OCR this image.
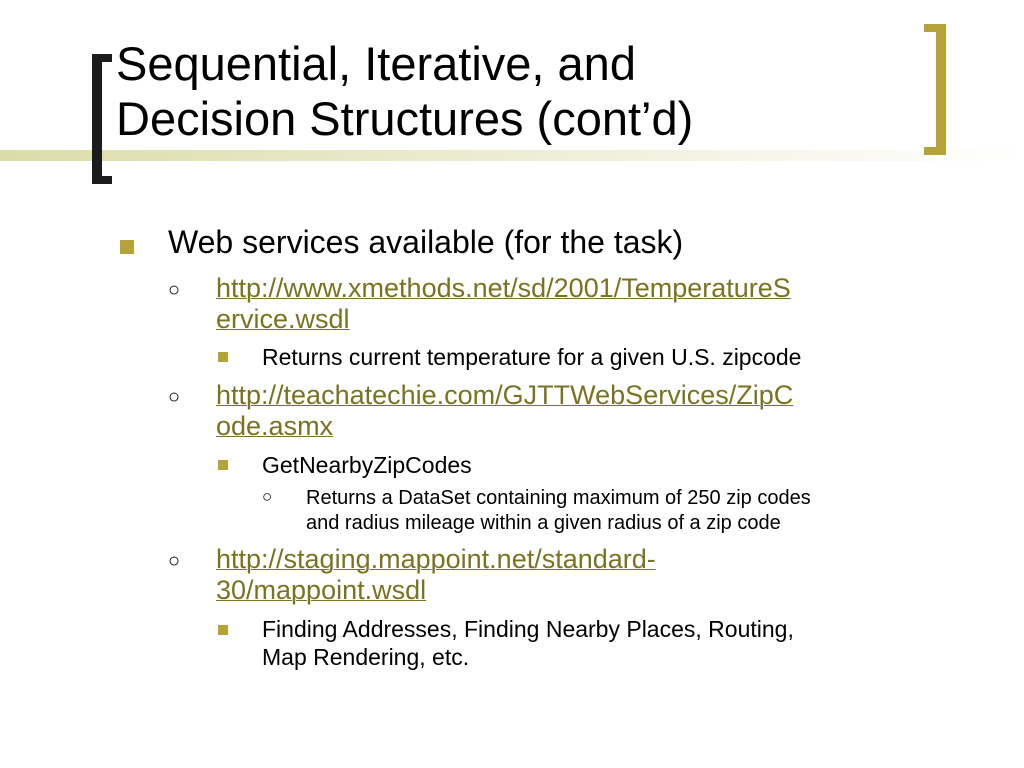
Sequential, Iterative, and
Decision Structures (cont’d)
Web services available (for the task)
○ http://www.xmethods.net/sd/2001/TemperatureS
ervice.wsdl
Returns current temperature for a given U.S. zipcode
○ http://teachatechie.com/GJTTWebServices/ZipC
ode.asmx
GetNearbyZipCodes
○ Returns a DataSet containing maximum of 250 zip codes
and radius mileage within a given radius of a zip code
○ http://staging.mappoint.net/standard-
30/mappoint.wsdl
Finding Addresses, Finding Nearby Places, Routing,
Map Rendering, etc.
